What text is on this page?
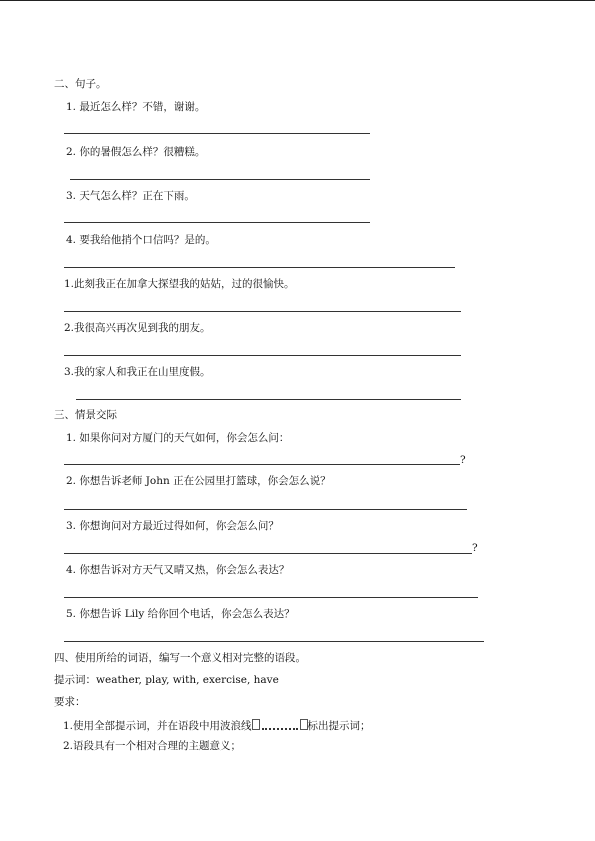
二、句子。
1. 最近怎么样？不错，谢谢。
2. 你的暑假怎么样？很糟糕。
3. 天气怎么样？正在下雨。
4. 要我给他捎个口信吗？是的。
1.此刻我正在加拿大探望我的姑姑，过的很愉快。
2.我很高兴再次见到我的朋友。
3.我的家人和我正在山里度假。
三、情景交际
1. 如果你问对方厦门的天气如何，你会怎么问：
?
2. 你想告诉老师 John 正在公园里打篮球，你会怎么说？
3. 你想询问对方最近过得如何，你会怎么问？
?
4. 你想告诉对方天气又晴又热，你会怎么表达？
5. 你想告诉 Lily 给你回个电话，你会怎么表达？
四、使用所给的词语，编写一个意义相对完整的语段。
提示词：weather, play, with, exercise, have
要求：
1.使用全部提示词，并在语段中用波浪线	标出提示词；
2.语段具有一个相对合理的主题意义；
